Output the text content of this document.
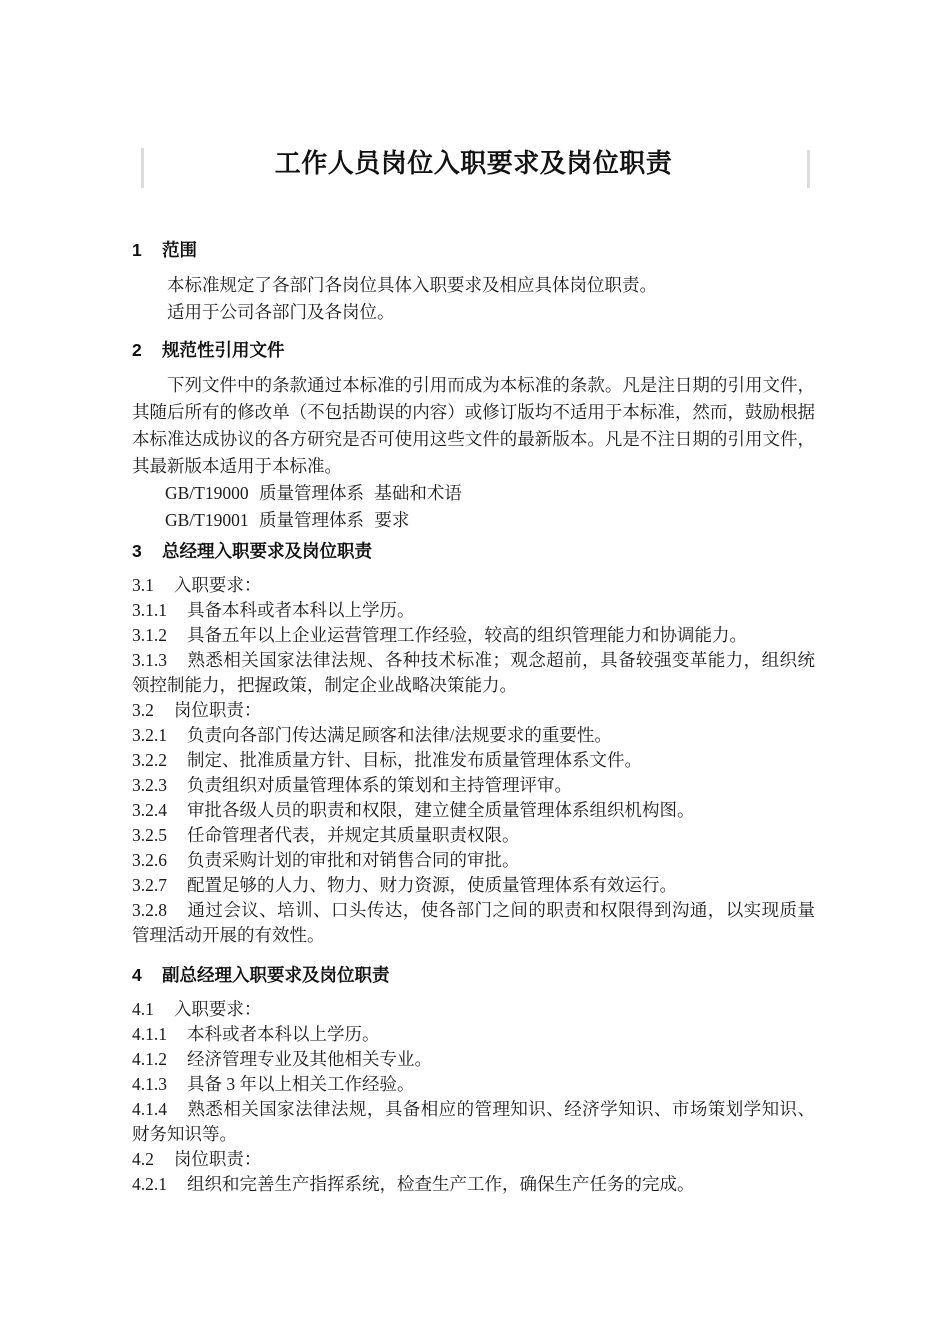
工作人员岗位入职要求及岗位职责
1 范围

本标准规定了各部门各岗位具体入职要求及相应具体岗位职责。

适用于公司各部门及各岗位。

2 规范性引用文件

下列文件中的条款通过本标准的引用而成为本标准的条款。凡是注日期的引用文件，其随后所有的修改单（不包括勘误的内容）或修订版均不适用于本标准，然而，鼓励根据本标准达成协议的各方研究是否可使用这些文件的最新版本。凡是不注日期的引用文件，其最新版本适用于本标准。

GB/T19000 质量管理体系 基础和术语

GB/T19001 质量管理体系 要求

3 总经理入职要求及岗位职责

3.1 入职要求：

3.1.1 具备本科或者本科以上学历。

3.1.2 具备五年以上企业运营管理工作经验，较高的组织管理能力和协调能力。

3.1.3 熟悉相关国家法律法规、各种技术标准；观念超前，具备较强变革能力，组织统领控制能力，把握政策，制定企业战略决策能力。

3.2 岗位职责：

3.2.1 负责向各部门传达满足顾客和法律/法规要求的重要性。

3.2.2 制定、批准质量方针、目标，批准发布质量管理体系文件。

3.2.3 负责组织对质量管理体系的策划和主持管理评审。

3.2.4 审批各级人员的职责和权限，建立健全质量管理体系组织机构图。

3.2.5 任命管理者代表，并规定其质量职责权限。

3.2.6 负责采购计划的审批和对销售合同的审批。

3.2.7 配置足够的人力、物力、财力资源，使质量管理体系有效运行。

3.2.8 通过会议、培训、口头传达，使各部门之间的职责和权限得到沟通，以实现质量管理活动开展的有效性。

4 副总经理入职要求及岗位职责

4.1 入职要求：

4.1.1 本科或者本科以上学历。

4.1.2 经济管理专业及其他相关专业。

4.1.3 具备 3 年以上相关工作经验。

4.1.4 熟悉相关国家法律法规，具备相应的管理知识、经济学知识、市场策划学知识、财务知识等。

4.2 岗位职责：

4.2.1 组织和完善生产指挥系统，检查生产工作，确保生产任务的完成。
